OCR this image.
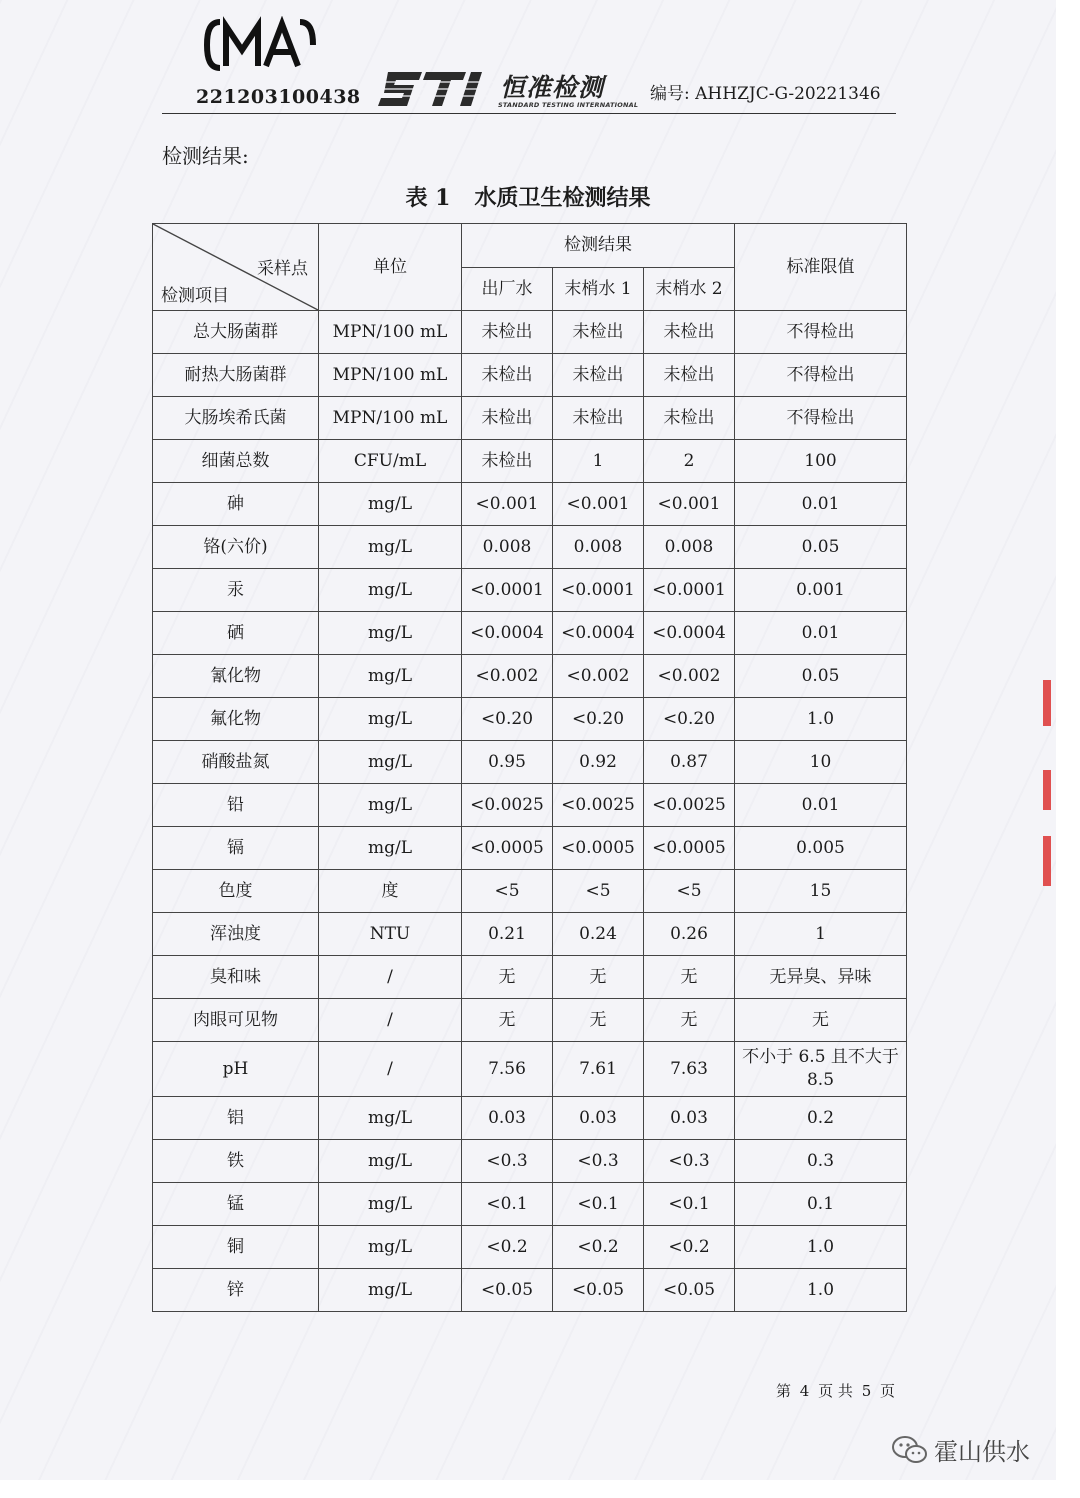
221203100438	恒准检测
STANDARD TESTING INTERNATIONAL
编号: AHHZJC-G-20221346
检测结果:
表 1 水质卫生检测结果
采样点
检测项目	单位	检测结果			标准限值
		出厂水	末梢水 1	末梢水 2	
总大肠菌群	MPN/100 mL	未检出	未检出	未检出	不得检出
耐热大肠菌群	MPN/100 mL	未检出	未检出	未检出	不得检出
大肠埃希氏菌	MPN/100 mL	未检出	未检出	未检出	不得检出
细菌总数	CFU/mL	未检出	1	2	100
砷	mg/L	<0.001	<0.001	<0.001	0.01
铬(六价)	mg/L	0.008	0.008	0.008	0.05
汞	mg/L	<0.0001	<0.0001	<0.0001	0.001
硒	mg/L	<0.0004	<0.0004	<0.0004	0.01
氰化物	mg/L	<0.002	<0.002	<0.002	0.05
氟化物	mg/L	<0.20	<0.20	<0.20	1.0
硝酸盐氮	mg/L	0.95	0.92	0.87	10
铅	mg/L	<0.0025	<0.0025	<0.0025	0.01
镉	mg/L	<0.0005	<0.0005	<0.0005	0.005
色度	度	<5	<5	<5	15
浑浊度	NTU	0.21	0.24	0.26	1
臭和味	/	无	无	无	无异臭、异味
肉眼可见物	/	无	无	无	无
pH	/	7.56	7.61	7.63	不小于 6.5 且不大于 8.5
铝	mg/L	0.03	0.03	0.03	0.2
铁	mg/L	<0.3	<0.3	<0.3	0.3
锰	mg/L	<0.1	<0.1	<0.1	0.1
铜	mg/L	<0.2	<0.2	<0.2	1.0
锌	mg/L	<0.05	<0.05	<0.05	1.0
第 4 页 共 5 页
霍山供水
